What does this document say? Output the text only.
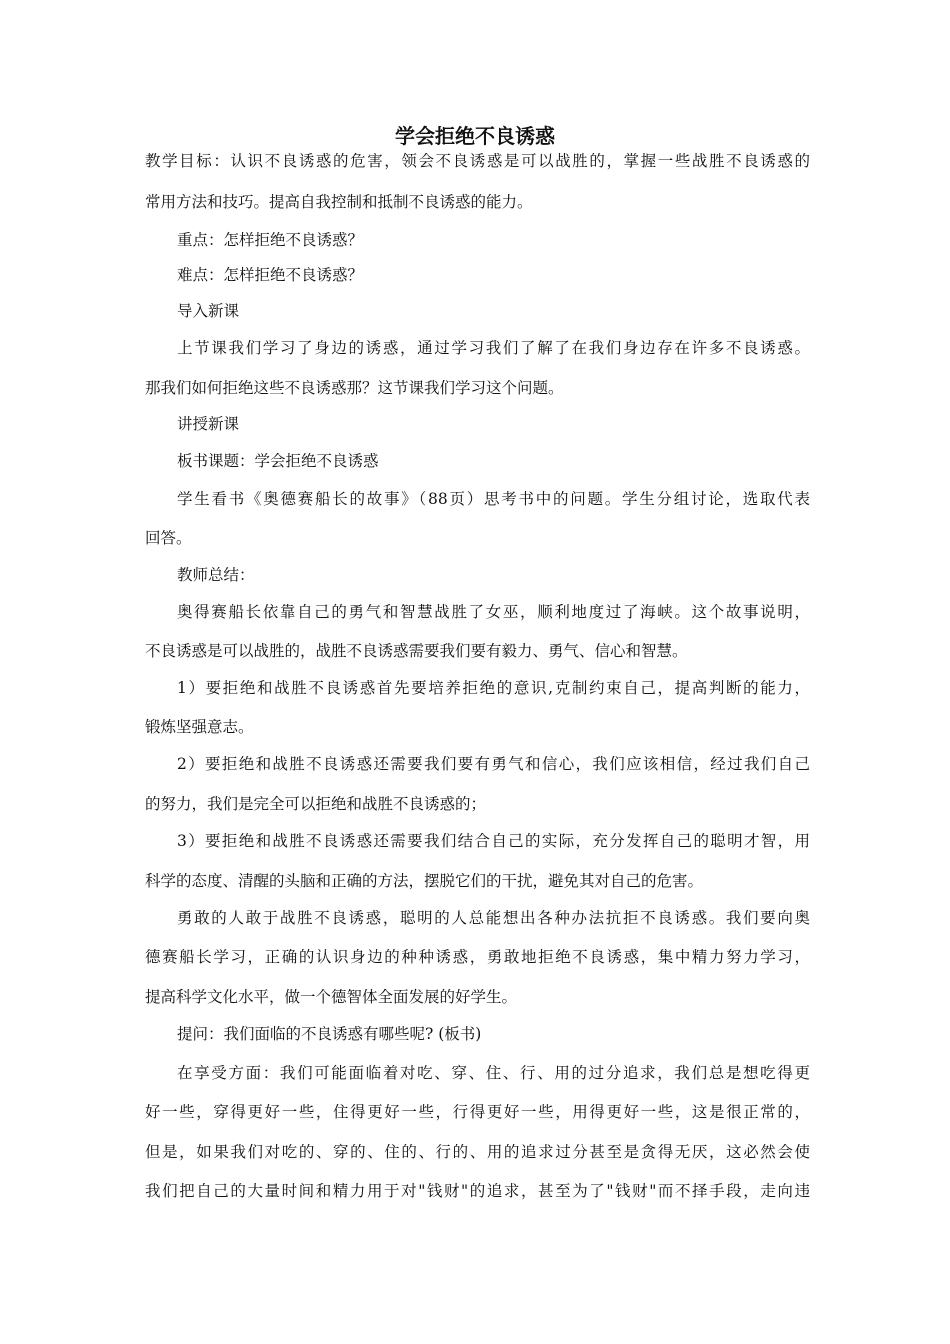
学会拒绝不良诱惑
教学目标：认识不良诱惑的危害，领会不良诱惑是可以战胜的，掌握一些战胜不良诱惑的
常用方法和技巧。提高自我控制和抵制不良诱惑的能力。
重点：怎样拒绝不良诱惑？
难点：怎样拒绝不良诱惑？
导入新课
上节课我们学习了身边的诱惑，通过学习我们了解了在我们身边存在许多不良诱惑。
那我们如何拒绝这些不良诱惑那？这节课我们学习这个问题。
讲授新课
板书课题：学会拒绝不良诱惑
学生看书《奥德赛船长的故事》（88页）思考书中的问题。学生分组讨论，选取代表
回答。
教师总结：
奥得赛船长依靠自己的勇气和智慧战胜了女巫，顺利地度过了海峡。这个故事说明，
不良诱惑是可以战胜的，战胜不良诱惑需要我们要有毅力、勇气、信心和智慧。
1）要拒绝和战胜不良诱惑首先要培养拒绝的意识,克制约束自己，提高判断的能力，
锻炼坚强意志。
2）要拒绝和战胜不良诱惑还需要我们要有勇气和信心，我们应该相信，经过我们自己
的努力，我们是完全可以拒绝和战胜不良诱惑的；
3）要拒绝和战胜不良诱惑还需要我们结合自己的实际，充分发挥自己的聪明才智，用
科学的态度、清醒的头脑和正确的方法，摆脱它们的干扰，避免其对自己的危害。
勇敢的人敢于战胜不良诱惑，聪明的人总能想出各种办法抗拒不良诱惑。我们要向奥
德赛船长学习，正确的认识身边的种种诱惑，勇敢地拒绝不良诱惑，集中精力努力学习，
提高科学文化水平，做一个德智体全面发展的好学生。
提问：我们面临的不良诱惑有哪些呢? (板书)
在享受方面：我们可能面临着对吃、穿、住、行、用的过分追求，我们总是想吃得更
好一些，穿得更好一些，住得更好一些，行得更好一些，用得更好一些，这是很正常的，
但是，如果我们对吃的、穿的、住的、行的、用的追求过分甚至是贪得无厌，这必然会使
我们把自己的大量时间和精力用于对"钱财"的追求，甚至为了"钱财"而不择手段，走向违
